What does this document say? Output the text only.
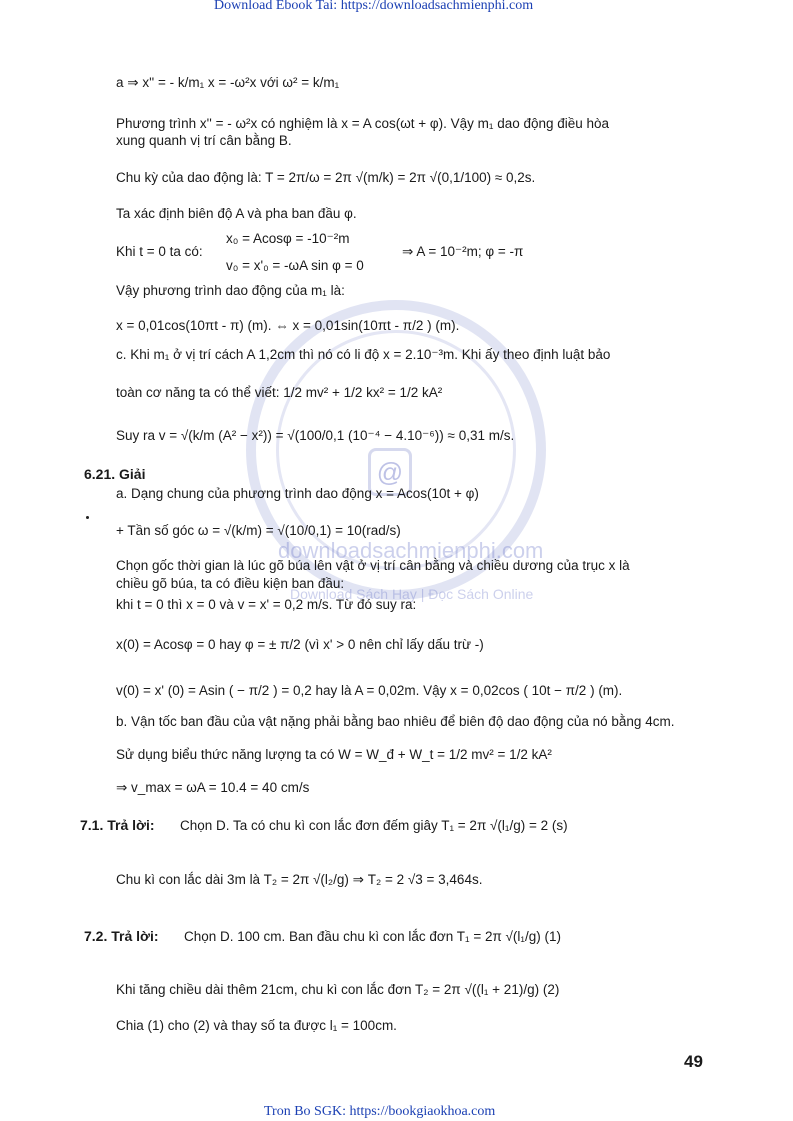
@
downloadsachmienphi.com
Download Sách Hay | Đọc Sách Online
Download Ebook Tai: https://downloadsachmienphi.com
Tron Bo SGK: https://bookgiaokhoa.com
a ⇒ x'' = - k/m₁ x = -ω²x với ω² = k/m₁
Phương trình x'' = - ω²x có nghiệm là x = A cos(ωt + φ). Vậy m₁ dao động điều hòa
xung quanh vị trí cân bằng B.
Chu kỳ của dao động là: T = 2π/ω = 2π √(m/k) = 2π √(0,1/100) ≈ 0,2s.
Ta xác định biên độ A và pha ban đầu φ.
x₀ = Acosφ = -10⁻²m
Khi t = 0 ta có:	⇒ A = 10⁻²m; φ = -π
v₀ = x'₀ = -ωA sin φ = 0
Vậy phương trình dao động của m₁ là:
x = 0,01cos(10πt - π) (m). ⇔ x = 0,01sin(10πt - π/2 ) (m).
c. Khi m₁ ở vị trí cách A 1,2cm thì nó có li độ x = 2.10⁻³m. Khi ấy theo định luật bảo
toàn cơ năng ta có thể viết: 1/2 mv² + 1/2 kx² = 1/2 kA²
Suy ra v = √(k/m (A² − x²)) = √(100/0,1 (10⁻⁴ − 4.10⁻⁶)) ≈ 0,31 m/s.
6.21. Giải
a. Dạng chung của phương trình dao động x = Acos(10t + φ)
+ Tần số góc ω = √(k/m) = √(10/0,1) = 10(rad/s)
Chọn gốc thời gian là lúc gõ búa lên vật ở vị trí cân bằng và chiều dương của trục x là
chiều gõ búa, ta có điều kiện ban đầu:
khi t = 0 thì x = 0 và v = x' = 0,2 m/s. Từ đó suy ra:
x(0) = Acosφ = 0 hay φ = ± π/2 (vì x' > 0 nên chỉ lấy dấu trừ -)
v(0) = x' (0) = Asin ( − π/2 ) = 0,2 hay là A = 0,02m. Vậy x = 0,02cos ( 10t − π/2 ) (m).
b. Vận tốc ban đầu của vật nặng phải bằng bao nhiêu để biên độ dao động của nó bằng 4cm.
Sử dụng biểu thức năng lượng ta có W = W_đ + W_t = 1/2 mv² = 1/2 kA²
⇒ v_max = ωA = 10.4 = 40 cm/s
7.1. Trả lời: Chọn D. Ta có chu kì con lắc đơn đếm giây T₁ = 2π √(l₁/g) = 2 (s)
Chu kì con lắc dài 3m là T₂ = 2π √(l₂/g) ⇒ T₂ = 2 √3 = 3,464s.
7.2. Trả lời: Chọn D. 100 cm. Ban đầu chu kì con lắc đơn T₁ = 2π √(l₁/g) (1)
Khi tăng chiều dài thêm 21cm, chu kì con lắc đơn T₂ = 2π √((l₁ + 21)/g) (2)
Chia (1) cho (2) và thay số ta được l₁ = 100cm.
49
